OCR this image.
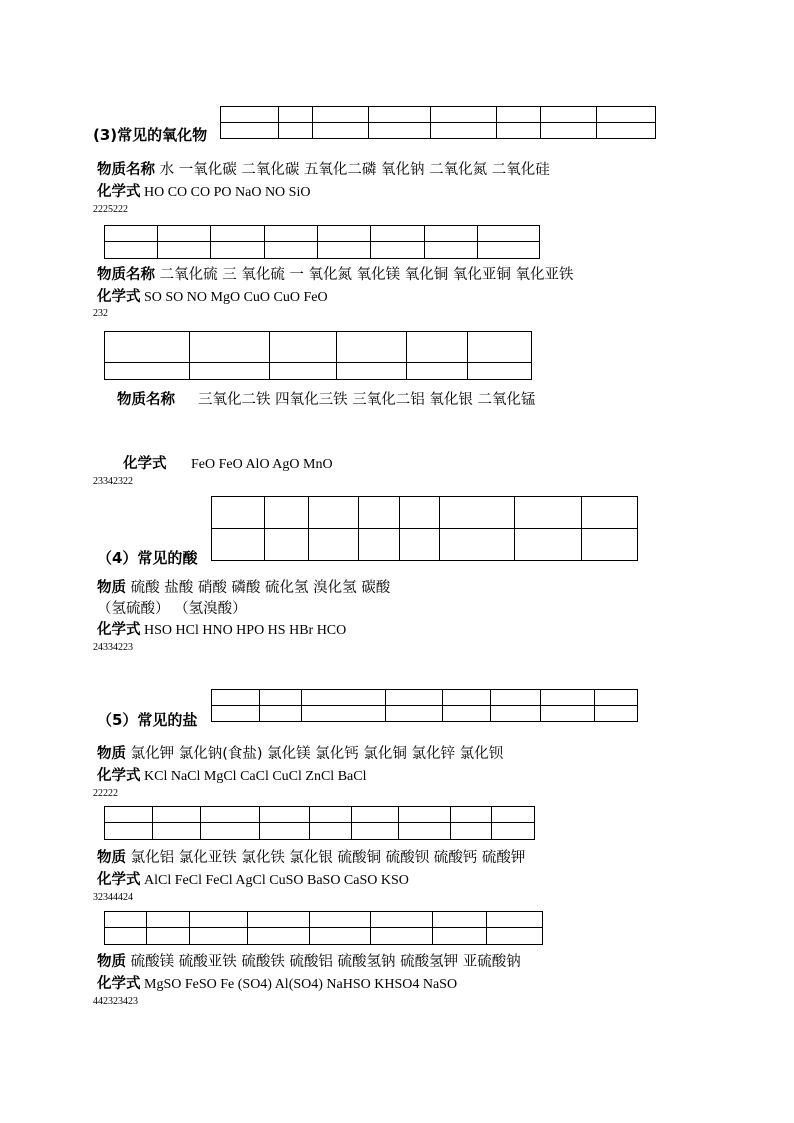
(3)常见的氧化物

物质名称 水 一氧化碳 二氧化碳 五氧化二磷 氧化钠 二氧化氮 二氧化硅
化学式 HO CO CO PO NaO NO SiO
2225222

物质名称 二氧化硫 三 氧化硫 一 氧化氮 氧化镁 氧化铜 氧化亚铜 氧化亚铁
化学式 SO SO NO MgO CuO CuO FeO
232

物质名称 三氧化二铁 四氧化三铁 三氧化二铝 氧化银 二氧化锰
化学式 FeO FeO AlO AgO MnO
23342322

（4）常见的酸
物质 硫酸 盐酸 硝酸 磷酸 硫化氢 溴化氢 碳酸
（氢硫酸） （氢溴酸）
化学式 HSO HCl HNO HPO HS HBr HCO
24334223

（5）常见的盐
物质 氯化钾 氯化钠(食盐) 氯化镁 氯化钙 氯化铜 氯化锌 氯化钡
化学式 KCl NaCl MgCl CaCl CuCl ZnCl BaCl
22222

物质 氯化铝 氯化亚铁 氯化铁 氯化银 硫酸铜 硫酸钡 硫酸钙 硫酸钾
化学式 AlCl FeCl FeCl AgCl CuSO BaSO CaSO KSO
32344424

物质 硫酸镁 硫酸亚铁 硫酸铁 硫酸铝 硫酸氢钠 硫酸氢钾 亚硫酸钠
化学式 MgSO FeSO Fe (SO4) Al(SO4) NaHSO KHSO4 NaSO
442323423
